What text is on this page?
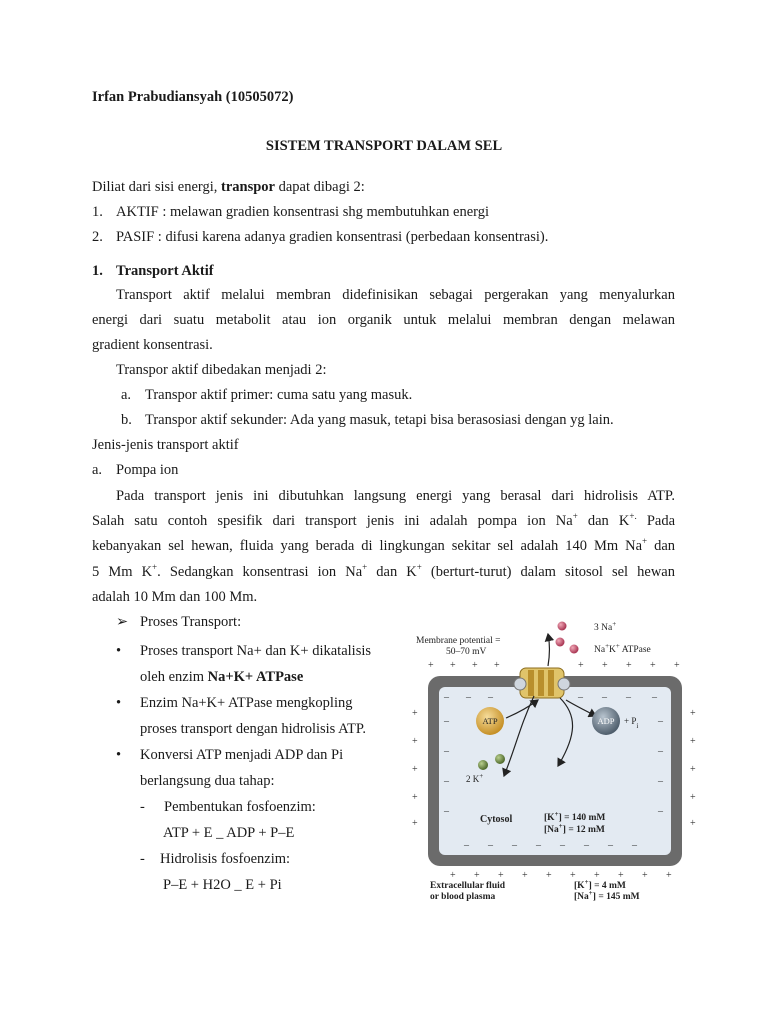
Irfan Prabudiansyah (10505072)
SISTEM TRANSPORT DALAM SEL
Diliat dari sisi energi, transpor dapat dibagi 2:
1. AKTIF : melawan gradien konsentrasi shg membutuhkan energi
2. PASIF : difusi karena adanya gradien konsentrasi (perbedaan konsentrasi).
1. Transport Aktif
Transport aktif melalui membran didefinisikan sebagai pergerakan yang menyalurkan
energi dari suatu metabolit atau ion organik untuk melalui membran dengan melawan
gradient konsentrasi.
Transpor aktif dibedakan menjadi 2:
a. Transpor aktif primer: cuma satu yang masuk.
b. Transpor aktif sekunder: Ada yang masuk, tetapi bisa berasosiasi dengan yg lain.
Jenis-jenis transport aktif
a. Pompa ion
Pada transport jenis ini dibutuhkan langsung energi yang berasal dari hidrolisis ATP.
Salah satu contoh spesifik dari transport jenis ini adalah pompa ion Na+ dan K+. Pada
kebanyakan sel hewan, fluida yang berada di lingkungan sekitar sel adalah 140 Mm Na+ dan
5 Mm K+. Sedangkan konsentrasi ion Na+ dan K+ (berturt-turut) dalam sitosol sel hewan
adalah 10 Mm dan 100 Mm.
➢ Proses Transport:
• Proses transport Na+ dan K+ dikatalisis
oleh enzim Na+K+ ATPase
• Enzim Na+K+ ATPase mengkopling
proses transport dengan hidrolisis ATP.
• Konversi ATP menjadi ADP dan Pi
berlangsung dua tahap:
- Pembentukan fosfoenzim:
ATP + E _ ADP + P–E
- Hidrolisis fosfoenzim:
P–E + H2O _ E + Pi
Membrane potential =
50–70 mV
+ + + +	+ + + + +
– – –	– – – –
–
–
–
–
–
–
–
–
– – – – – – – –
+
+
+
+
+
+
+
+
+
+
+ + + + + + + + + +
3 Na+
Na+K+ ATPase
ATP	ADP + $P_i$
2 K+
Cytosol	[K+] = 140 mM
[Na+] = 12 mM
Extracellular fluid
or blood plasma
[K+] = 4 mM
[Na+] = 145 mM
